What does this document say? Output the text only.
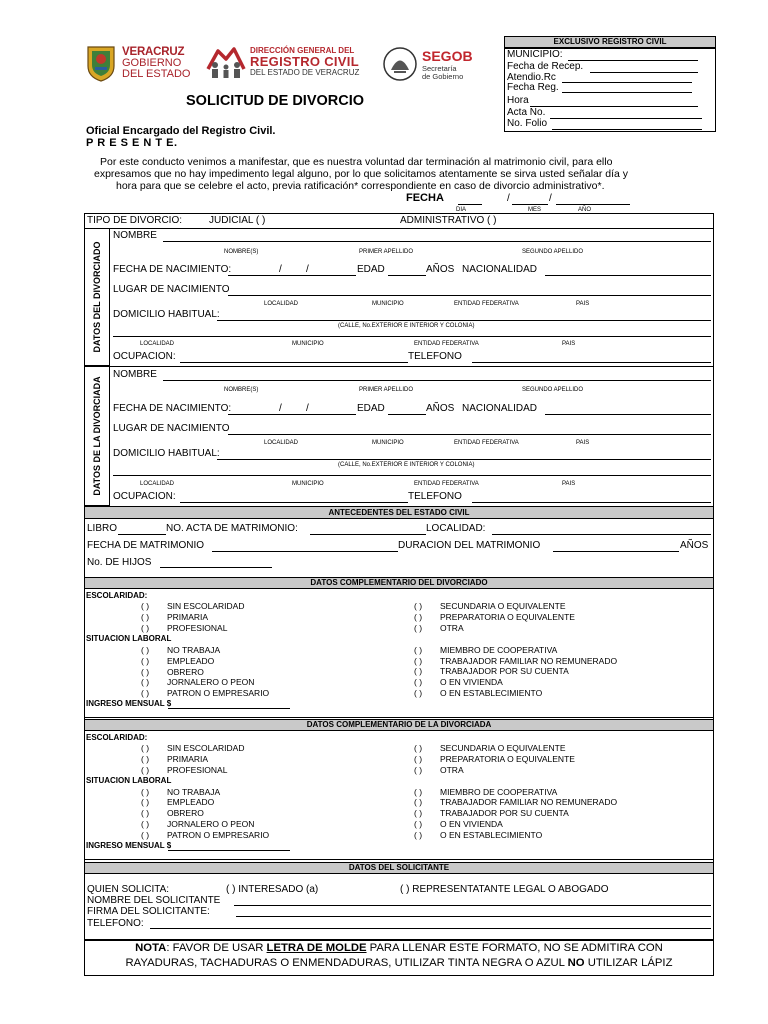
VERACRUZ
GOBIERNO
DEL ESTADO
DIRECCIÓN GENERAL DEL
REGISTRO CIVIL
DEL ESTADO DE VERACRUZ
SEGOB
Secretaría
de Gobierno
SOLICITUD DE DIVORCIO
EXCLUSIVO REGISTRO CIVIL
MUNICIPIO:
Fecha de Recep.
Atendio.Rc
Fecha Reg.
Hora
Acta No.
No. Folio
Oficial Encargado del Registro Civil.
P R E S E N T E.
Por este conducto venimos a manifestar, que es nuestra voluntad dar terminación al matrimonio civil, para ello
expresamos que no hay impedimento legal alguno, por lo que solicitamos atentamente se sirva usted señalar día y
hora para que se celebre el acto, previa ratificación* correspondiente en caso de divorcio administrativo*.
FECHA	/	/
DIA	MES	AÑO
TIPO DE DIVORCIO:	JUDICIAL ( )	ADMINISTRATIVO ( )
DATOS DEL DIVORCIADO
NOMBRE
NOMBRE(S)	PRIMER APELLIDO	SEGUNDO APELLIDO
FECHA DE NACIMIENTO:	/ /	EDAD	AÑOS NACIONALIDAD
LUGAR DE NACIMIENTO
LOCALIDAD	MUNICIPIO	ENTIDAD FEDERATIVA	PAIS
DOMICILIO HABITUAL:
(CALLE, No.EXTERIOR E INTERIOR Y COLONIA)
LOCALIDAD	MUNICIPIO	ENTIDAD FEDERATIVA	PAIS
OCUPACION:	TELEFONO
DATOS DE LA DIVORCIADA
NOMBRE
NOMBRE(S)	PRIMER APELLIDO	SEGUNDO APELLIDO
FECHA DE NACIMIENTO:	/ /	EDAD	AÑOS NACIONALIDAD
LUGAR DE NACIMIENTO
LOCALIDAD	MUNICIPIO	ENTIDAD FEDERATIVA	PAIS
DOMICILIO HABITUAL:
(CALLE, No.EXTERIOR E INTERIOR Y COLONIA)
LOCALIDAD	MUNICIPIO	ENTIDAD FEDERATIVA	PAIS
OCUPACION:	TELEFONO
ANTECEDENTES DEL ESTADO CIVIL
LIBRO	NO. ACTA DE MATRIMONIO:	LOCALIDAD:
FECHA DE MATRIMONIO	DURACION DEL MATRIMONIO	AÑOS
No. DE HIJOS
DATOS COMPLEMENTARIO DEL DIVORCIADO
ESCOLARIDAD:
( ) SIN ESCOLARIDAD
( ) PRIMARIA
( ) PROFESIONAL
( ) SECUNDARIA O EQUIVALENTE
( ) PREPARATORIA O EQUIVALENTE
( ) OTRA
SITUACION LABORAL
( ) NO TRABAJA
( ) EMPLEADO
( ) OBRERO
( ) JORNALERO O PEON
( ) PATRON O EMPRESARIO
( ) MIEMBRO DE COOPERATIVA
( ) TRABAJADOR FAMILIAR NO REMUNERADO
( ) TRABAJADOR POR SU CUENTA
( ) O EN VIVIENDA
( ) O EN ESTABLECIMIENTO
INGRESO MENSUAL $
DATOS COMPLEMENTARIO DE LA DIVORCIADA
ESCOLARIDAD:
( ) SIN ESCOLARIDAD
( ) PRIMARIA
( ) PROFESIONAL
( ) SECUNDARIA O EQUIVALENTE
( ) PREPARATORIA O EQUIVALENTE
( ) OTRA
SITUACION LABORAL
( ) NO TRABAJA
( ) EMPLEADO
( ) OBRERO
( ) JORNALERO O PEON
( ) PATRON O EMPRESARIO
( ) MIEMBRO DE COOPERATIVA
( ) TRABAJADOR FAMILIAR NO REMUNERADO
( ) TRABAJADOR POR SU CUENTA
( ) O EN VIVIENDA
( ) O EN ESTABLECIMIENTO
INGRESO MENSUAL $
DATOS DEL SOLICITANTE
QUIEN SOLICITA:	( ) INTERESADO (a)	( ) REPRESENTATANTE LEGAL O ABOGADO
NOMBRE DEL SOLICITANTE
FIRMA DEL SOLICITANTE:
TELEFONO:
NOTA: FAVOR DE USAR LETRA DE MOLDE PARA LLENAR ESTE FORMATO, NO SE ADMITIRA CON
RAYADURAS, TACHADURAS O ENMENDADURAS, UTILIZAR TINTA NEGRA O AZUL NO UTILIZAR LÁPIZ
